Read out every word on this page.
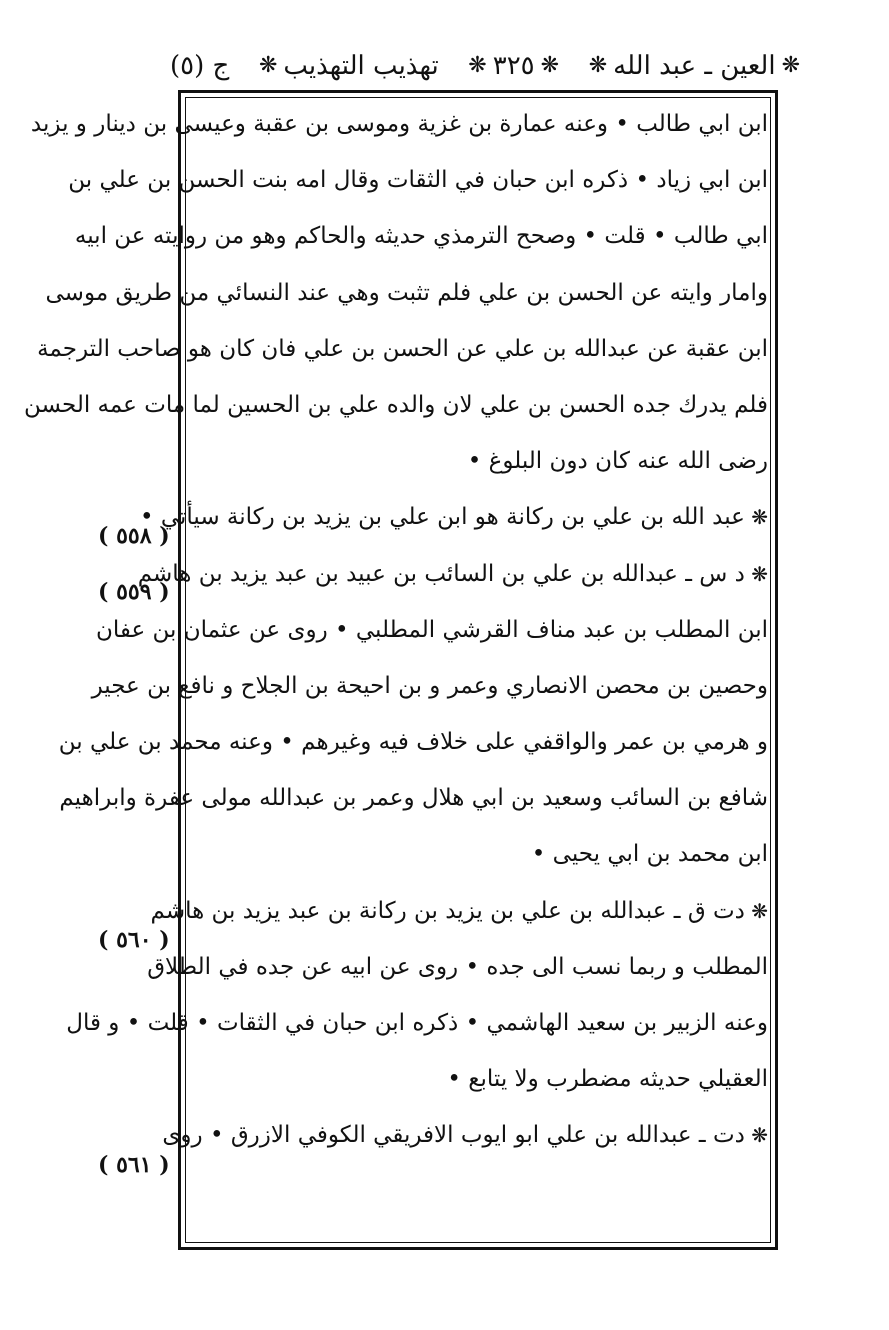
ج (٥) تهذيب التهذيب
❋	❋
٣٢٥
❋	❋
العين ـ عبد الله
❋
ابن ابي طالب • وعنه عمارة بن غزية وموسى بن عقبة وعيسى بن دينار و يزيد
ابن ابي زياد • ذكره ابن حبان في الثقات وقال امه بنت الحسن بن علي بن
ابي طالب • قلت • وصحح الترمذي حديثه والحاكم وهو من روايته عن ابيه
وامار وايته عن الحسن بن علي فلم تثبت وهي عند النسائي من طريق موسى
ابن عقبة عن عبدالله بن علي عن الحسن بن علي فان كان هو صاحب الترجمة
فلم يدرك جده الحسن بن علي لان والده علي بن الحسين لما مات عمه الحسن
رضى الله عنه كان دون البلوغ •
❋ عبد الله بن علي بن ركانة هو ابن علي بن يزيد بن ركانة سيأتي •
❋ د س ـ عبدالله بن علي بن السائب بن عبيد بن عبد يزيد بن هاشم
ابن المطلب بن عبد مناف القرشي المطلبي • روى عن عثمان بن عفان
وحصين بن محصن الانصاري وعمر و بن احيحة بن الجلاح و نافع بن عجير
و هرمي بن عمر والواقفي على خلاف فيه وغيرهم • وعنه محمد بن علي بن
شافع بن السائب وسعيد بن ابي هلال وعمر بن عبدالله مولى عفرة وابراهيم
ابن محمد بن ابي يحيى •
❋ دت ق ـ عبدالله بن علي بن يزيد بن ركانة بن عبد يزيد بن هاشم
المطلب و ربما نسب الى جده • روى عن ابيه عن جده في الطلاق
وعنه الزبير بن سعيد الهاشمي • ذكره ابن حبان في الثقات • قلت • و قال
العقيلي حديثه مضطرب ولا يتابع •
❋ دت ـ عبدالله بن علي ابو ايوب الافريقي الكوفي الازرق • روى
( ٥٥٨ )
( ٥٥٩ )
( ٥٦٠ )
( ٥٦١ )
